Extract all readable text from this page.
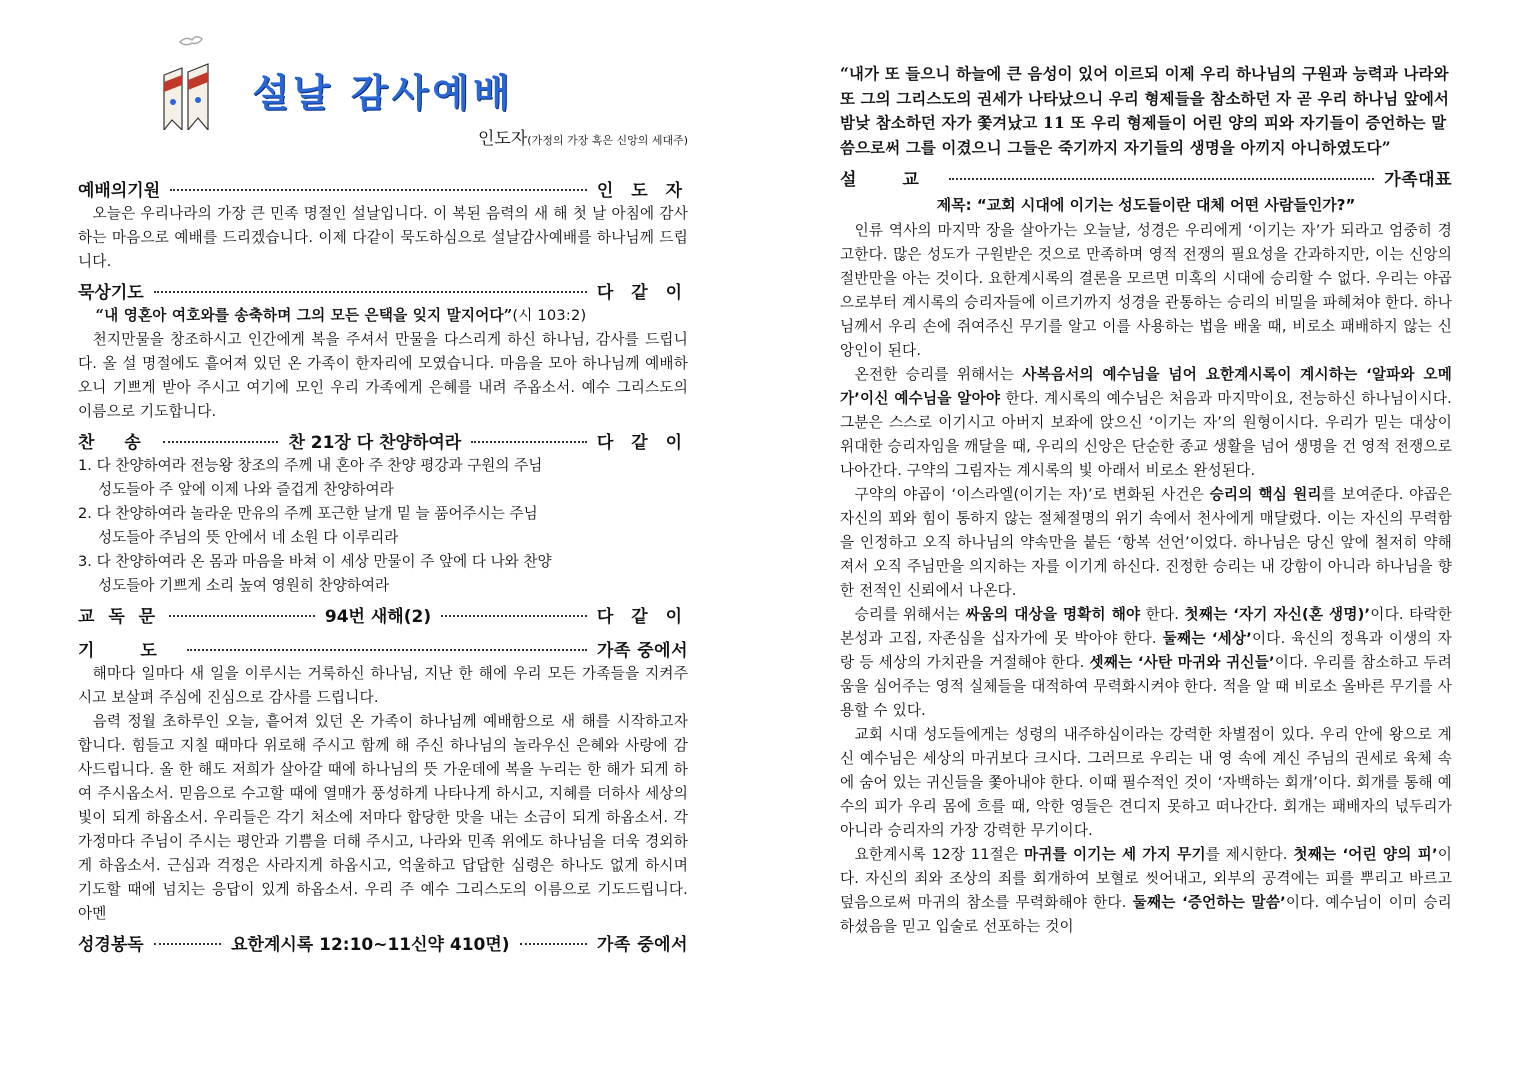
설날 감사예배
인도자(가정의 가장 혹은 신앙의 세대주)
예배의기원	인 도 자

오늘은 우리나라의 가장 큰 민족 명절인 설날입니다. 이 복된 음력의 새 해 첫 날 아침에 감사하는 마음으로 예배를 드리겠습니다. 이제 다같이 묵도하심으로 설날감사예배를 하나님께 드립니다.

묵상기도	다 같 이

“내 영혼아 여호와를 송축하며 그의 모든 은택을 잊지 말지어다”(시 103:2)

천지만물을 창조하시고 인간에게 복을 주셔서 만물을 다스리게 하신 하나님, 감사를 드립니다. 올 설 명절에도 흩어져 있던 온 가족이 한자리에 모였습니다. 마음을 모아 하나님께 예배하오니 기쁘게 받아 주시고 여기에 모인 우리 가족에게 은혜를 내려 주옵소서. 예수 그리스도의 이름으로 기도합니다.

찬 송	찬 21장 다 찬양하여라	다 같 이
1. 다 찬양하여라 전능왕 창조의 주께 내 혼아 주 찬양 평강과 구원의 주님
성도들아 주 앞에 이제 나와 즐겁게 찬양하여라
2. 다 찬양하여라 놀라운 만유의 주께 포근한 날개 밑 늘 품어주시는 주님
성도들아 주님의 뜻 안에서 네 소원 다 이루리라
3. 다 찬양하여라 온 몸과 마음을 바쳐 이 세상 만물이 주 앞에 다 나와 찬양
성도들아 기쁘게 소리 높여 영원히 찬양하여라
교 독 문	94번 새해(2)	다 같 이
기 도	가족 중에서

해마다 일마다 새 일을 이루시는 거룩하신 하나님, 지난 한 해에 우리 모든 가족들을 지켜주시고 보살펴 주심에 진심으로 감사를 드립니다.

음력 정월 초하루인 오늘, 흩어져 있던 온 가족이 하나님께 예배함으로 새 해를 시작하고자 합니다. 힘들고 지칠 때마다 위로해 주시고 함께 해 주신 하나님의 놀라우신 은혜와 사랑에 감사드립니다. 올 한 해도 저희가 살아갈 때에 하나님의 뜻 가운데에 복을 누리는 한 해가 되게 하여 주시옵소서. 믿음으로 수고할 때에 열매가 풍성하게 나타나게 하시고, 지혜를 더하사 세상의 빛이 되게 하옵소서. 우리들은 각기 처소에 저마다 합당한 맛을 내는 소금이 되게 하옵소서. 각 가정마다 주님이 주시는 평안과 기쁨을 더해 주시고, 나라와 민족 위에도 하나님을 더욱 경외하게 하옵소서. 근심과 걱정은 사라지게 하옵시고, 억울하고 답답한 심령은 하나도 없게 하시며 기도할 때에 넘치는 응답이 있게 하옵소서. 우리 주 예수 그리스도의 이름으로 기도드립니다. 아멘

성경봉독	요한계시록 12:10~11신약 410면)	가족 중에서

“내가 또 들으니 하늘에 큰 음성이 있어 이르되 이제 우리 하나님의 구원과 능력과 나라와 또 그의 그리스도의 권세가 나타났으니 우리 형제들을 참소하던 자 곧 우리 하나님 앞에서 밤낮 참소하던 자가 쫓겨났고 11 또 우리 형제들이 어린 양의 피와 자기들이 증언하는 말씀으로써 그를 이겼으니 그들은 죽기까지 자기들의 생명을 아끼지 아니하였도다”

설 교	가족대표
제목: “교회 시대에 이기는 성도들이란 대체 어떤 사람들인가?”

인류 역사의 마지막 장을 살아가는 오늘날, 성경은 우리에게 ‘이기는 자’가 되라고 엄중히 경고한다. 많은 성도가 구원받은 것으로 만족하며 영적 전쟁의 필요성을 간과하지만, 이는 신앙의 절반만을 아는 것이다. 요한계시록의 결론을 모르면 미혹의 시대에 승리할 수 없다. 우리는 야곱으로부터 계시록의 승리자들에 이르기까지 성경을 관통하는 승리의 비밀을 파헤쳐야 한다. 하나님께서 우리 손에 쥐여주신 무기를 알고 이를 사용하는 법을 배울 때, 비로소 패배하지 않는 신앙인이 된다.

온전한 승리를 위해서는 사복음서의 예수님을 넘어 요한계시록이 계시하는 ‘알파와 오메가’이신 예수님을 알아야 한다. 계시록의 예수님은 처음과 마지막이요, 전능하신 하나님이시다. 그분은 스스로 이기시고 아버지 보좌에 앉으신 ‘이기는 자’의 원형이시다. 우리가 믿는 대상이 위대한 승리자임을 깨달을 때, 우리의 신앙은 단순한 종교 생활을 넘어 생명을 건 영적 전쟁으로 나아간다. 구약의 그림자는 계시록의 빛 아래서 비로소 완성된다.

구약의 야곱이 ‘이스라엘(이기는 자)’로 변화된 사건은 승리의 핵심 원리를 보여준다. 야곱은 자신의 꾀와 힘이 통하지 않는 절체절명의 위기 속에서 천사에게 매달렸다. 이는 자신의 무력함을 인정하고 오직 하나님의 약속만을 붙든 ‘항복 선언’이었다. 하나님은 당신 앞에 철저히 약해져서 오직 주님만을 의지하는 자를 이기게 하신다. 진정한 승리는 내 강함이 아니라 하나님을 향한 전적인 신뢰에서 나온다.

승리를 위해서는 싸움의 대상을 명확히 해야 한다. 첫째는 ‘자기 자신(혼 생명)’이다. 타락한 본성과 고집, 자존심을 십자가에 못 박아야 한다. 둘째는 ‘세상’이다. 육신의 정욕과 이생의 자랑 등 세상의 가치관을 거절해야 한다. 셋째는 ‘사탄 마귀와 귀신들’이다. 우리를 참소하고 두려움을 심어주는 영적 실체들을 대적하여 무력화시켜야 한다. 적을 알 때 비로소 올바른 무기를 사용할 수 있다.

교회 시대 성도들에게는 성령의 내주하심이라는 강력한 차별점이 있다. 우리 안에 왕으로 계신 예수님은 세상의 마귀보다 크시다. 그러므로 우리는 내 영 속에 계신 주님의 권세로 육체 속에 숨어 있는 귀신들을 쫓아내야 한다. 이때 필수적인 것이 ‘자백하는 회개’이다. 회개를 통해 예수의 피가 우리 몸에 흐를 때, 악한 영들은 견디지 못하고 떠나간다. 회개는 패배자의 넋두리가 아니라 승리자의 가장 강력한 무기이다.

요한계시록 12장 11절은 마귀를 이기는 세 가지 무기를 제시한다. 첫째는 ‘어린 양의 피’이다. 자신의 죄와 조상의 죄를 회개하여 보혈로 씻어내고, 외부의 공격에는 피를 뿌리고 바르고 덮음으로써 마귀의 참소를 무력화해야 한다. 둘째는 ‘증언하는 말씀’이다. 예수님이 이미 승리하셨음을 믿고 입술로 선포하는 것이
